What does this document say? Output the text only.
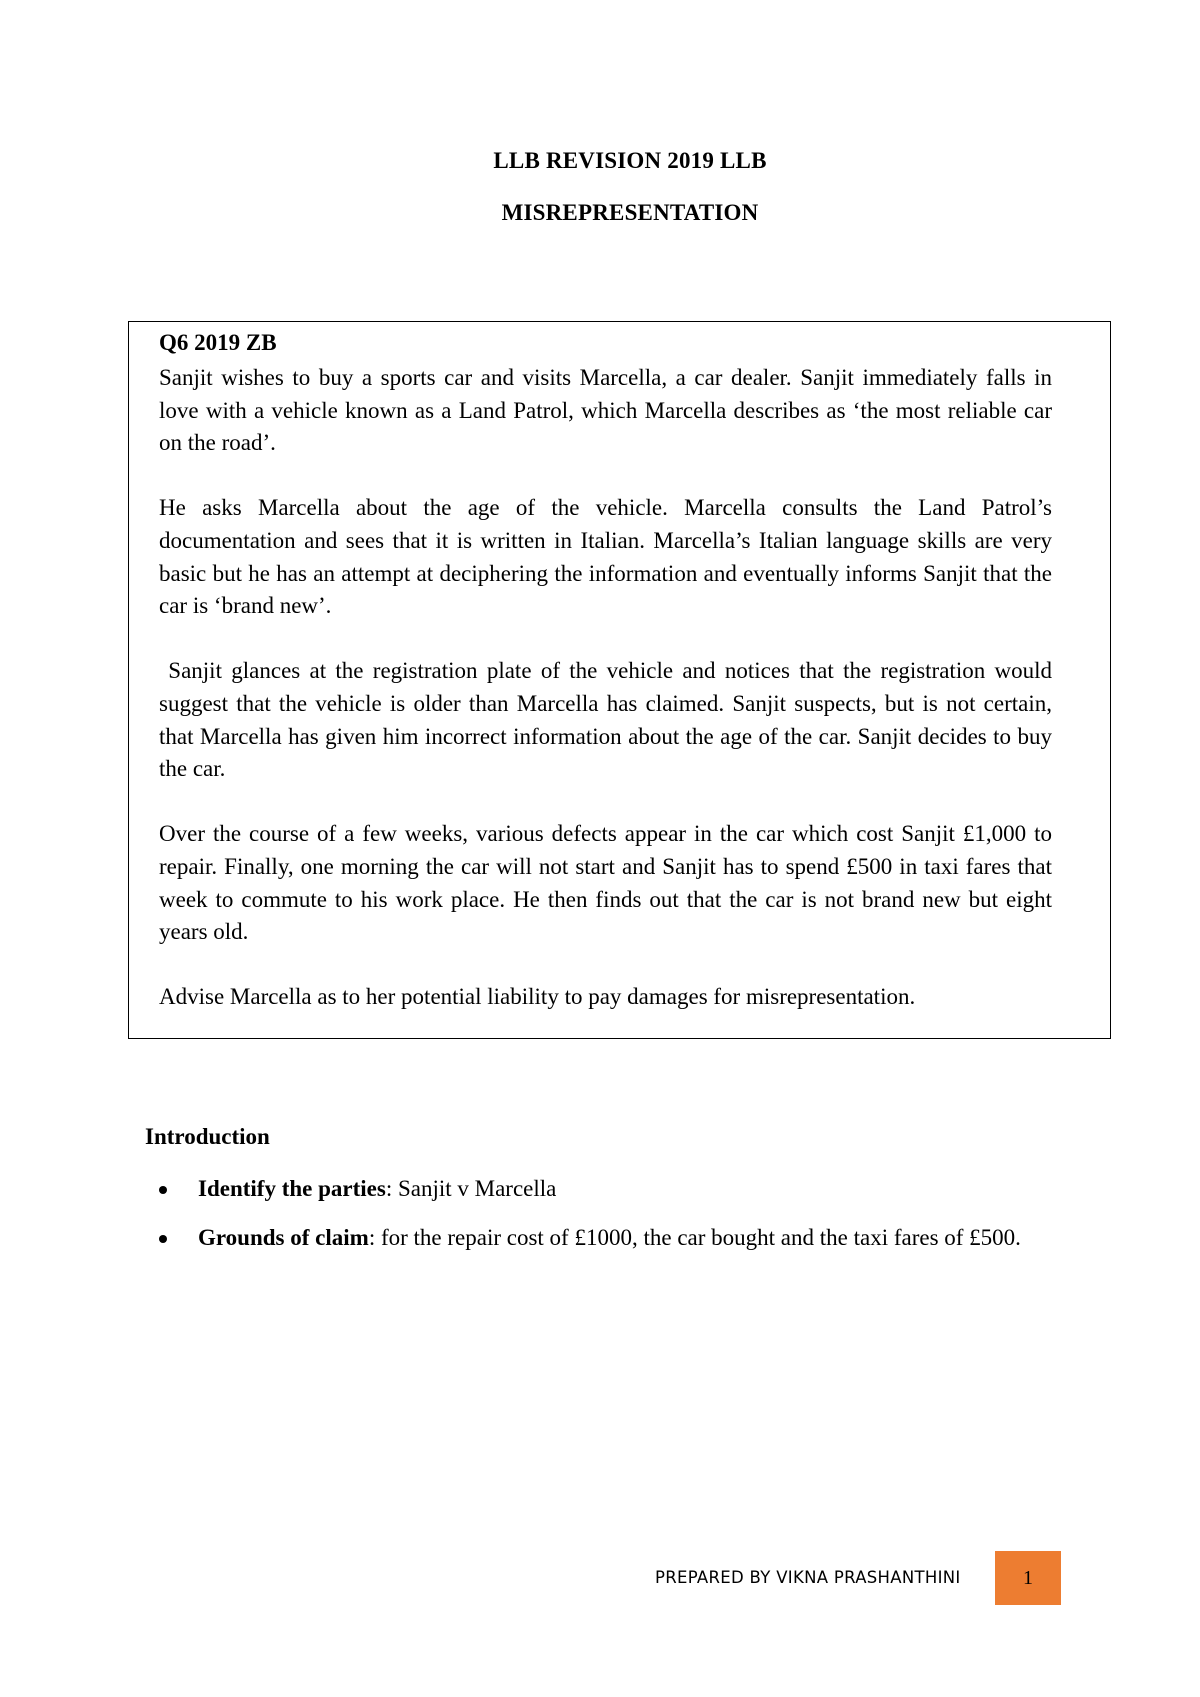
LLB REVISION 2019 LLB
MISREPRESENTATION
Q6 2019 ZB

Sanjit wishes to buy a sports car and visits Marcella, a car dealer. Sanjit immediately falls in love with a vehicle known as a Land Patrol, which Marcella describes as ‘the most reliable car on the road’.

He asks Marcella about the age of the vehicle. Marcella consults the Land Patrol’s documentation and sees that it is written in Italian. Marcella’s Italian language skills are very basic but he has an attempt at deciphering the information and eventually informs Sanjit that the car is ‘brand new’.

Sanjit glances at the registration plate of the vehicle and notices that the registration would suggest that the vehicle is older than Marcella has claimed. Sanjit suspects, but is not certain, that Marcella has given him incorrect information about the age of the car. Sanjit decides to buy the car.

Over the course of a few weeks, various defects appear in the car which cost Sanjit £1,000 to repair. Finally, one morning the car will not start and Sanjit has to spend £500 in taxi fares that week to commute to his work place. He then finds out that the car is not brand new but eight years old.

Advise Marcella as to her potential liability to pay damages for misrepresentation.

Introduction
Identify the parties: Sanjit v Marcella
Grounds of claim: for the repair cost of £1000, the car bought and the taxi fares of £500.
PREPARED BY VIKNA PRASHANTHINI	1
